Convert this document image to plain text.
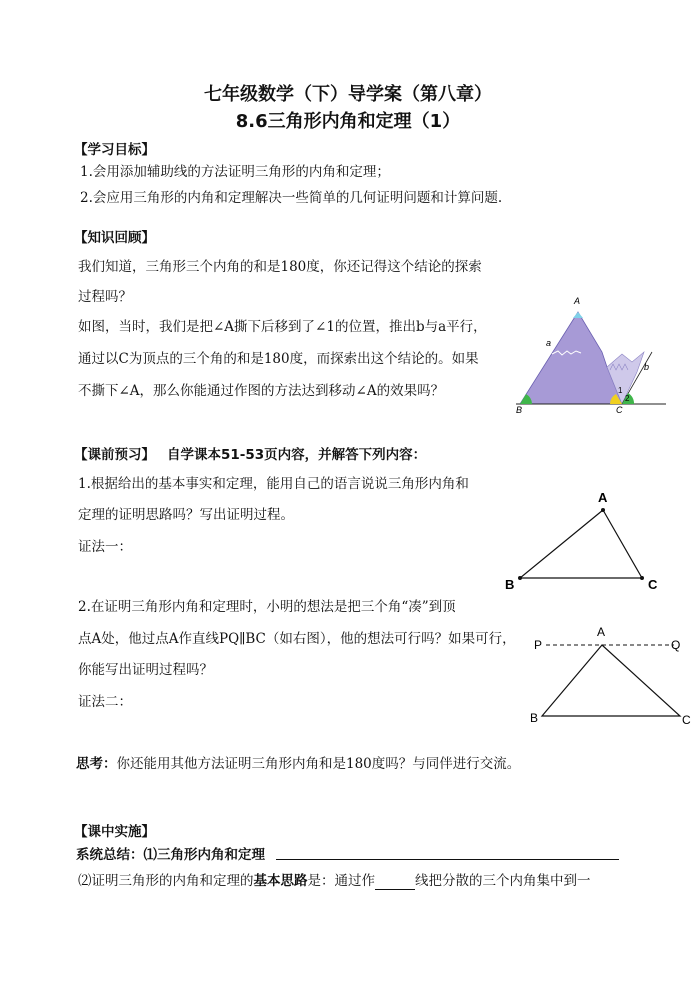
七年级数学（下）导学案（第八章）
8.6三角形内角和定理（1）
【学习目标】
1.会用添加辅助线的方法证明三角形的内角和定理；
2.会应用三角形的内角和定理解决一些简单的几何证明问题和计算问题.
【知识回顾】
我们知道，三角形三个内角的和是180度，你还记得这个结论的探索
过程吗？
如图，当时，我们是把∠A撕下后移到了∠1的位置，推出b与a平行，
通过以C为顶点的三个角的和是180度，而探索出这个结论的。如果
不撕下∠A，那么你能通过作图的方法达到移动∠A的效果吗？
A
a
b
B	C
1
2
【课前预习】 自学课本51-53页内容，并解答下列内容：
1.根据给出的基本事实和定理，能用自己的语言说说三角形内角和
定理的证明思路吗？写出证明过程。
证法一：
A
B	C
2.在证明三角形内角和定理时，小明的想法是把三个角“凑”到顶
点A处，他过点A作直线PQ∥BC（如右图），他的想法可行吗？如果可行，
你能写出证明过程吗？
证法二：
P
A
Q
B	C
思考：你还能用其他方法证明三角形内角和是180度吗？与同伴进行交流。
【课中实施】
系统总结：⑴三角形内角和定理
⑵证明三角形的内角和定理的基本思路是：通过作	线把分散的三个内角集中到一
